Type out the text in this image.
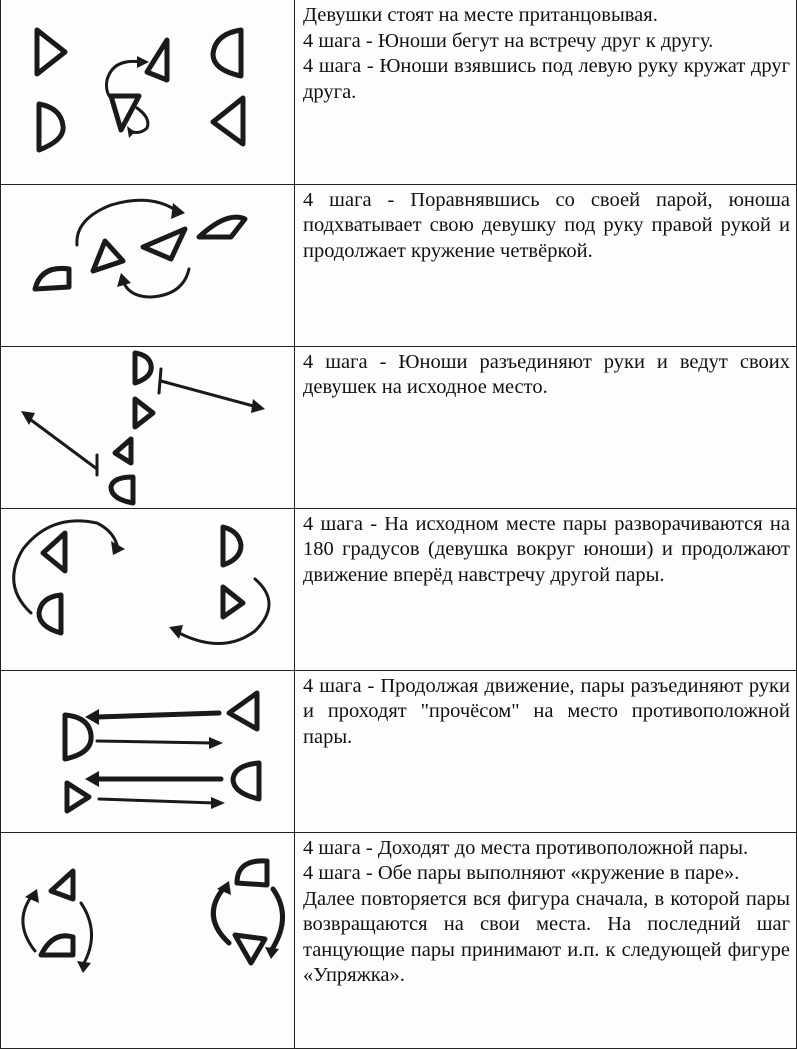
Девушки стоят на месте пританцовывая.

4 шага - Юноши бегут на встречу друг к другу.

4 шага - Юноши взявшись под левую руку кружат друг друга.

4 шага - Поравнявшись со своей парой, юноша подхватывает свою девушку под руку правой рукой и продолжает кружение четвёркой.

4 шага - Юноши разъединяют руки и ведут своих девушек на исходное место.

4 шага - На исходном месте пары разворачиваются на 180 градусов (девушка вокруг юноши) и продолжают движение вперёд навстречу другой пары.

4 шага - Продолжая движение, пары разъединяют руки и проходят "прочёсом" на место противоположной пары.

4 шага - Доходят до места противоположной пары.

4 шага - Обе пары выполняют «кружение в паре».

Далее повторяется вся фигура сначала, в которой пары возвращаются на свои места. На последний шаг танцующие пары принимают и.п. к следующей фигуре «Упряжка».
